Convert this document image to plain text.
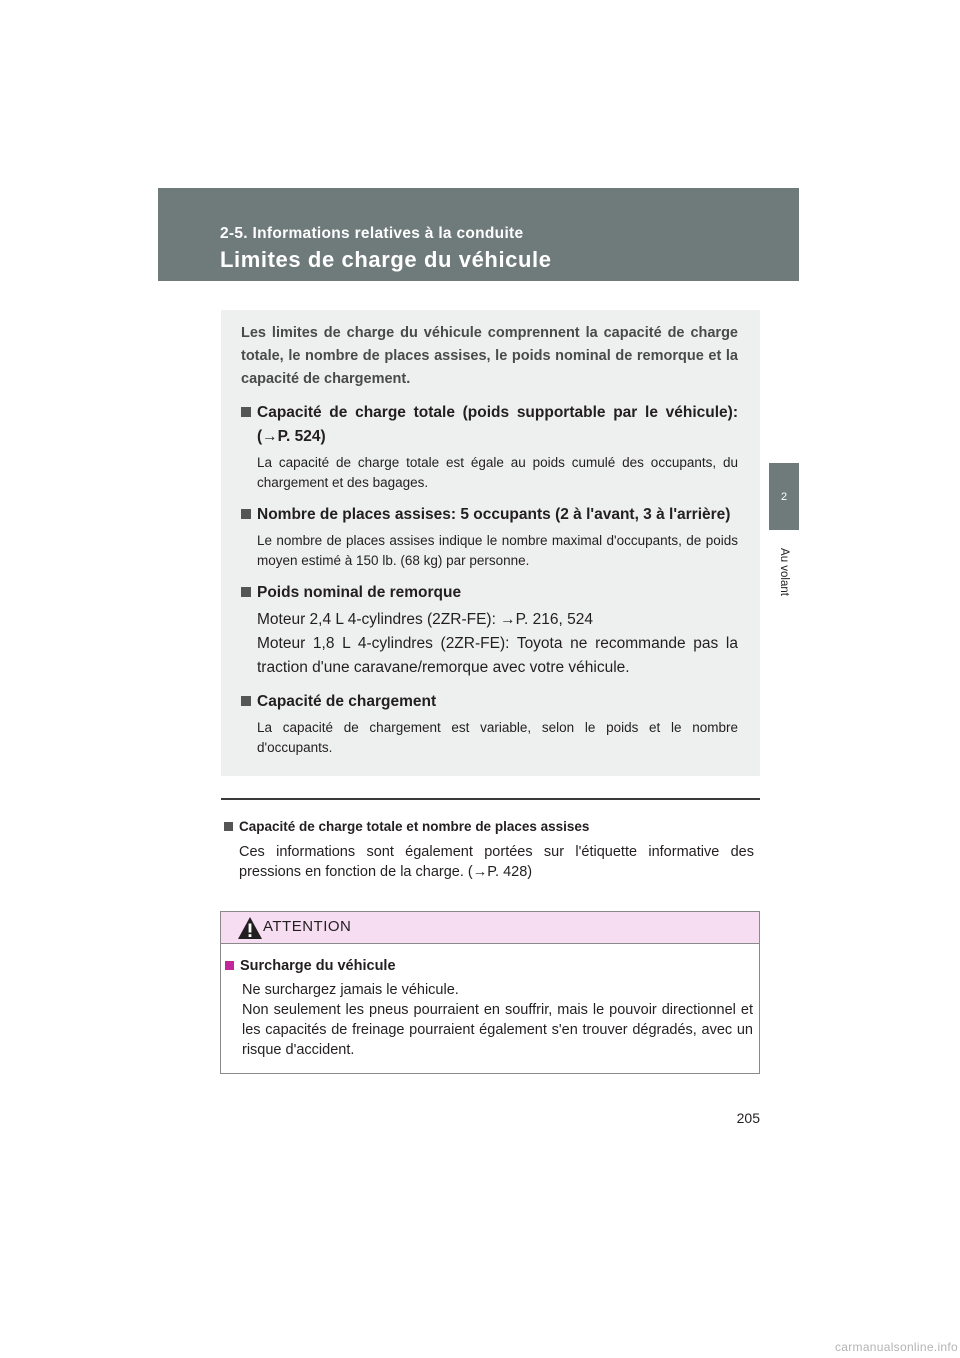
2-5. Informations relatives à la conduite
Limites de charge du véhicule
2
Au volant

Les limites de charge du véhicule comprennent la capacité de charge totale, le nombre de places assises, le poids nominal de remorque et la capacité de chargement.

Capacité de charge totale (poids supportable par le véhicule): (→P. 524)

La capacité de charge totale est égale au poids cumulé des occupants, du chargement et des bagages.

Nombre de places assises: 5 occupants (2 à l'avant, 3 à l'arrière)

Le nombre de places assises indique le nombre maximal d'occupants, de poids moyen estimé à 150 lb. (68 kg) par personne.

Poids nominal de remorque

Moteur 2,4 L 4-cylindres (2ZR-FE): →P. 216, 524

Moteur 1,8 L 4-cylindres (2ZR-FE): Toyota ne recommande pas la traction d'une caravane/remorque avec votre véhicule.

Capacité de chargement

La capacité de chargement est variable, selon le poids et le nombre d'occupants.

Capacité de charge totale et nombre de places assises

Ces informations sont également portées sur l'étiquette informative des pressions en fonction de la charge. (→P. 428)

ATTENTION

Surcharge du véhicule

Ne surchargez jamais le véhicule.

Non seulement les pneus pourraient en souffrir, mais le pouvoir directionnel et les capacités de freinage pourraient également s'en trouver dégradés, avec un risque d'accident.

205
carmanualsonline.info
